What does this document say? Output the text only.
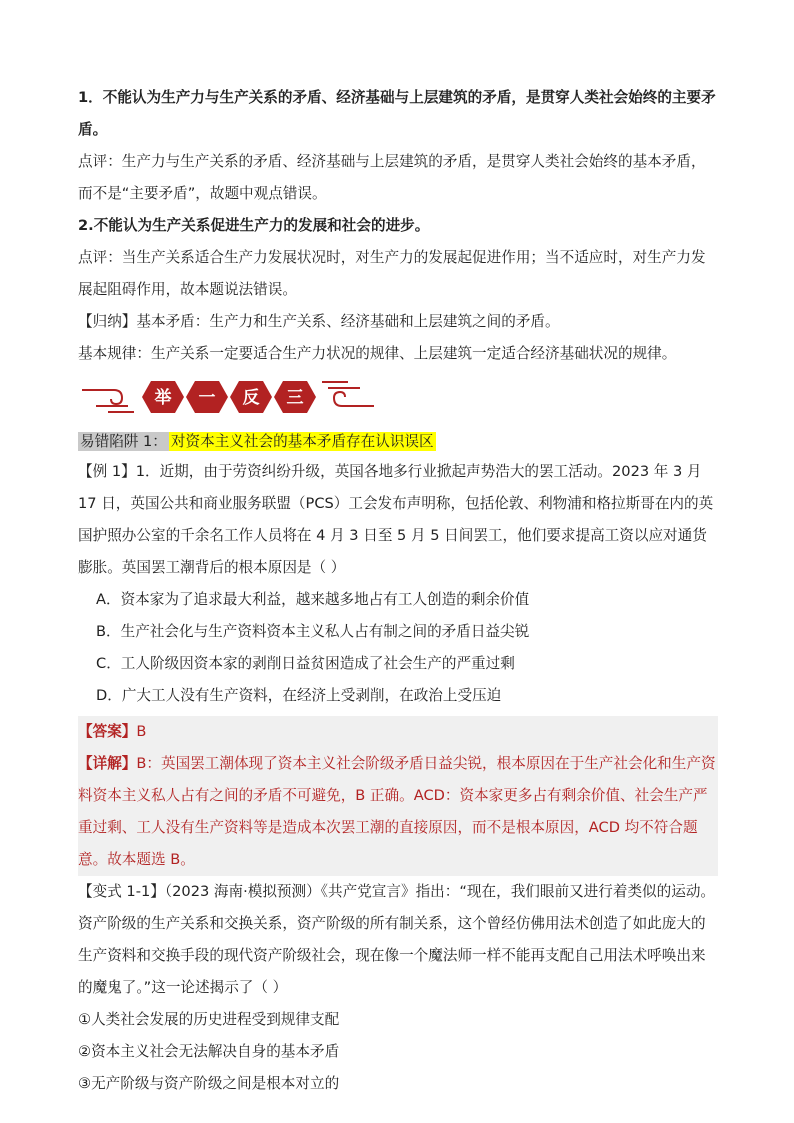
1．不能认为生产力与生产关系的矛盾、经济基础与上层建筑的矛盾，是贯穿人类社会始终的主要矛盾。

点评：生产力与生产关系的矛盾、经济基础与上层建筑的矛盾，是贯穿人类社会始终的基本矛盾，而不是“主要矛盾”，故题中观点错误。

2.不能认为生产关系促进生产力的发展和社会的进步。

点评：当生产关系适合生产力发展状况时，对生产力的发展起促进作用；当不适应时，对生产力发展起阻碍作用，故本题说法错误。

【归纳】基本矛盾：生产力和生产关系、经济基础和上层建筑之间的矛盾。

基本规律：生产关系一定要适合生产力状况的规律、上层建筑一定适合经济基础状况的规律。

举 一 反 三

易错陷阱 1： 对资本主义社会的基本矛盾存在认识误区

【例 1】1．近期，由于劳资纠纷升级，英国各地多行业掀起声势浩大的罢工活动。2023 年 3 月 17 日，英国公共和商业服务联盟（PCS）工会发布声明称，包括伦敦、利物浦和格拉斯哥在内的英国护照办公室的千余名工作人员将在 4 月 3 日至 5 月 5 日间罢工，他们要求提高工资以应对通货膨胀。英国罢工潮背后的根本原因是（ ）

A．资本家为了追求最大利益，越来越多地占有工人创造的剩余价值

B．生产社会化与生产资料资本主义私人占有制之间的矛盾日益尖锐

C．工人阶级因资本家的剥削日益贫困造成了社会生产的严重过剩

D．广大工人没有生产资料，在经济上受剥削，在政治上受压迫

【答案】B

【详解】B：英国罢工潮体现了资本主义社会阶级矛盾日益尖锐，根本原因在于生产社会化和生产资料资本主义私人占有之间的矛盾不可避免，B 正确。ACD：资本家更多占有剩余价值、社会生产严重过剩、工人没有生产资料等是造成本次罢工潮的直接原因，而不是根本原因，ACD 均不符合题意。故本题选 B。

【变式 1-1】（2023 海南·模拟预测）《共产党宣言》指出：“现在，我们眼前又进行着类似的运动。资产阶级的生产关系和交换关系，资产阶级的所有制关系，这个曾经仿佛用法术创造了如此庞大的生产资料和交换手段的现代资产阶级社会，现在像一个魔法师一样不能再支配自己用法术呼唤出来的魔鬼了。”这一论述揭示了（ ）

①人类社会发展的历史进程受到规律支配

②资本主义社会无法解决自身的基本矛盾

③无产阶级与资产阶级之间是根本对立的
